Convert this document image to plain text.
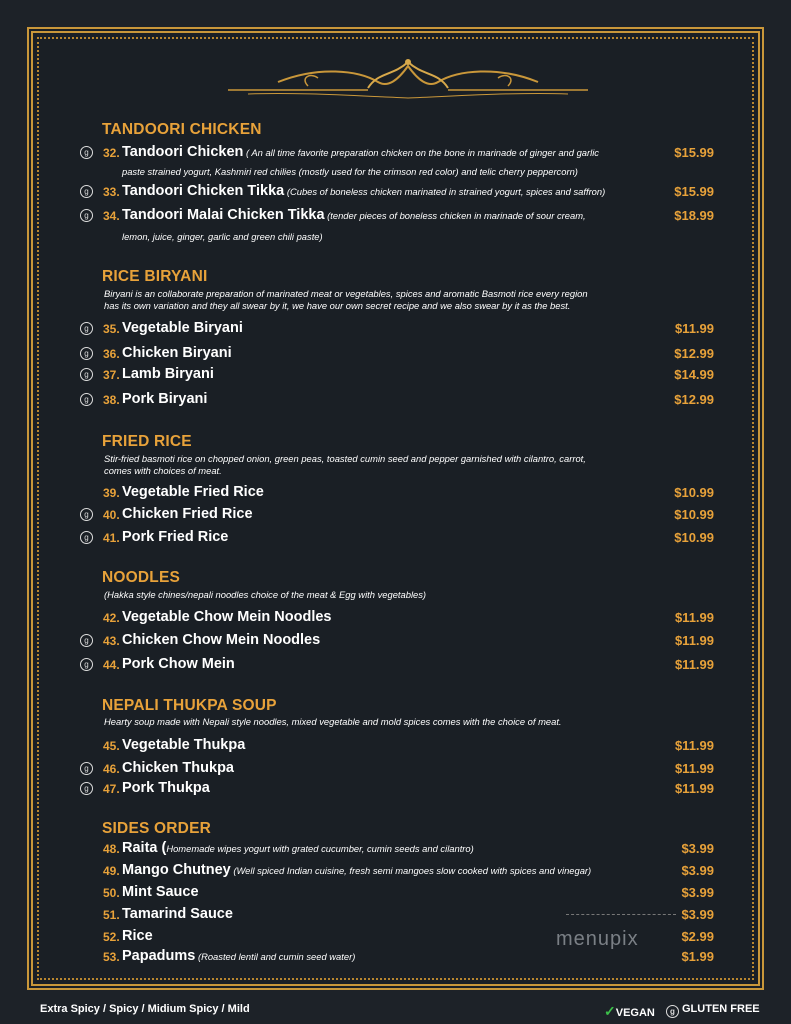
TANDOORI CHICKEN
RICE BIRYANI
Biryani is an collaborate preparation of marinated meat or vegetables, spices and aromatic Basmoti rice every region
has its own variation and they all swear by it, we have our own secret recipe and we also swear by it as the best.
FRIED RICE
Stir-fried basmoti rice on chopped onion, green peas, toasted cumin seed and pepper garnished with cilantro, carrot,
comes with choices of meat.
NOODLES
(Hakka style chines/nepali noodles choice of the meat & Egg with vegetables)
NEPALI THUKPA SOUP
Hearty soup made with Nepali style noodles, mixed vegetable and mold spices comes with the choice of meat.
SIDES ORDER
g	32. Tandoori Chicken ( An all time favorite preparation chicken on the bone in marinade of ginger and garlic	$15.99
paste strained yogurt, Kashmiri red chilies (mostly used for the crimson red color) and telic cherry peppercorn)
g	33. Tandoori Chicken Tikka (Cubes of boneless chicken marinated in strained yogurt, spices and saffron)	$15.99
g	34. Tandoori Malai Chicken Tikka (tender pieces of boneless chicken in marinade of sour cream,	$18.99
lemon, juice, ginger, garlic and green chili paste)
g	35. Vegetable Biryani	$11.99
g	36. Chicken Biryani	$12.99
g	37. Lamb Biryani	$14.99
g	38. Pork Biryani	$12.99
39. Vegetable Fried Rice	$10.99
g	40. Chicken Fried Rice	$10.99
g	41. Pork Fried Rice	$10.99
42. Vegetable Chow Mein Noodles	$11.99
g	43. Chicken Chow Mein Noodles	$11.99
g	44. Pork Chow Mein	$11.99
45. Vegetable Thukpa	$11.99
g	46. Chicken Thukpa	$11.99
g	47. Pork Thukpa	$11.99
48. Raita (Homemade wipes yogurt with grated cucumber, cumin seeds and cilantro)	$3.99
49. Mango Chutney (Well spiced Indian cuisine, fresh semi mangoes slow cooked with spices and vinegar)	$3.99
50. Mint Sauce	$3.99
51. Tamarind Sauce	$3.99
52. Rice	$2.99
53. Papadums (Roasted lentil and cumin seed water)	$1.99
menupix
Extra Spicy / Spicy / Midium Spicy / Mild	✓VEGAN	g GLUTEN FREE
